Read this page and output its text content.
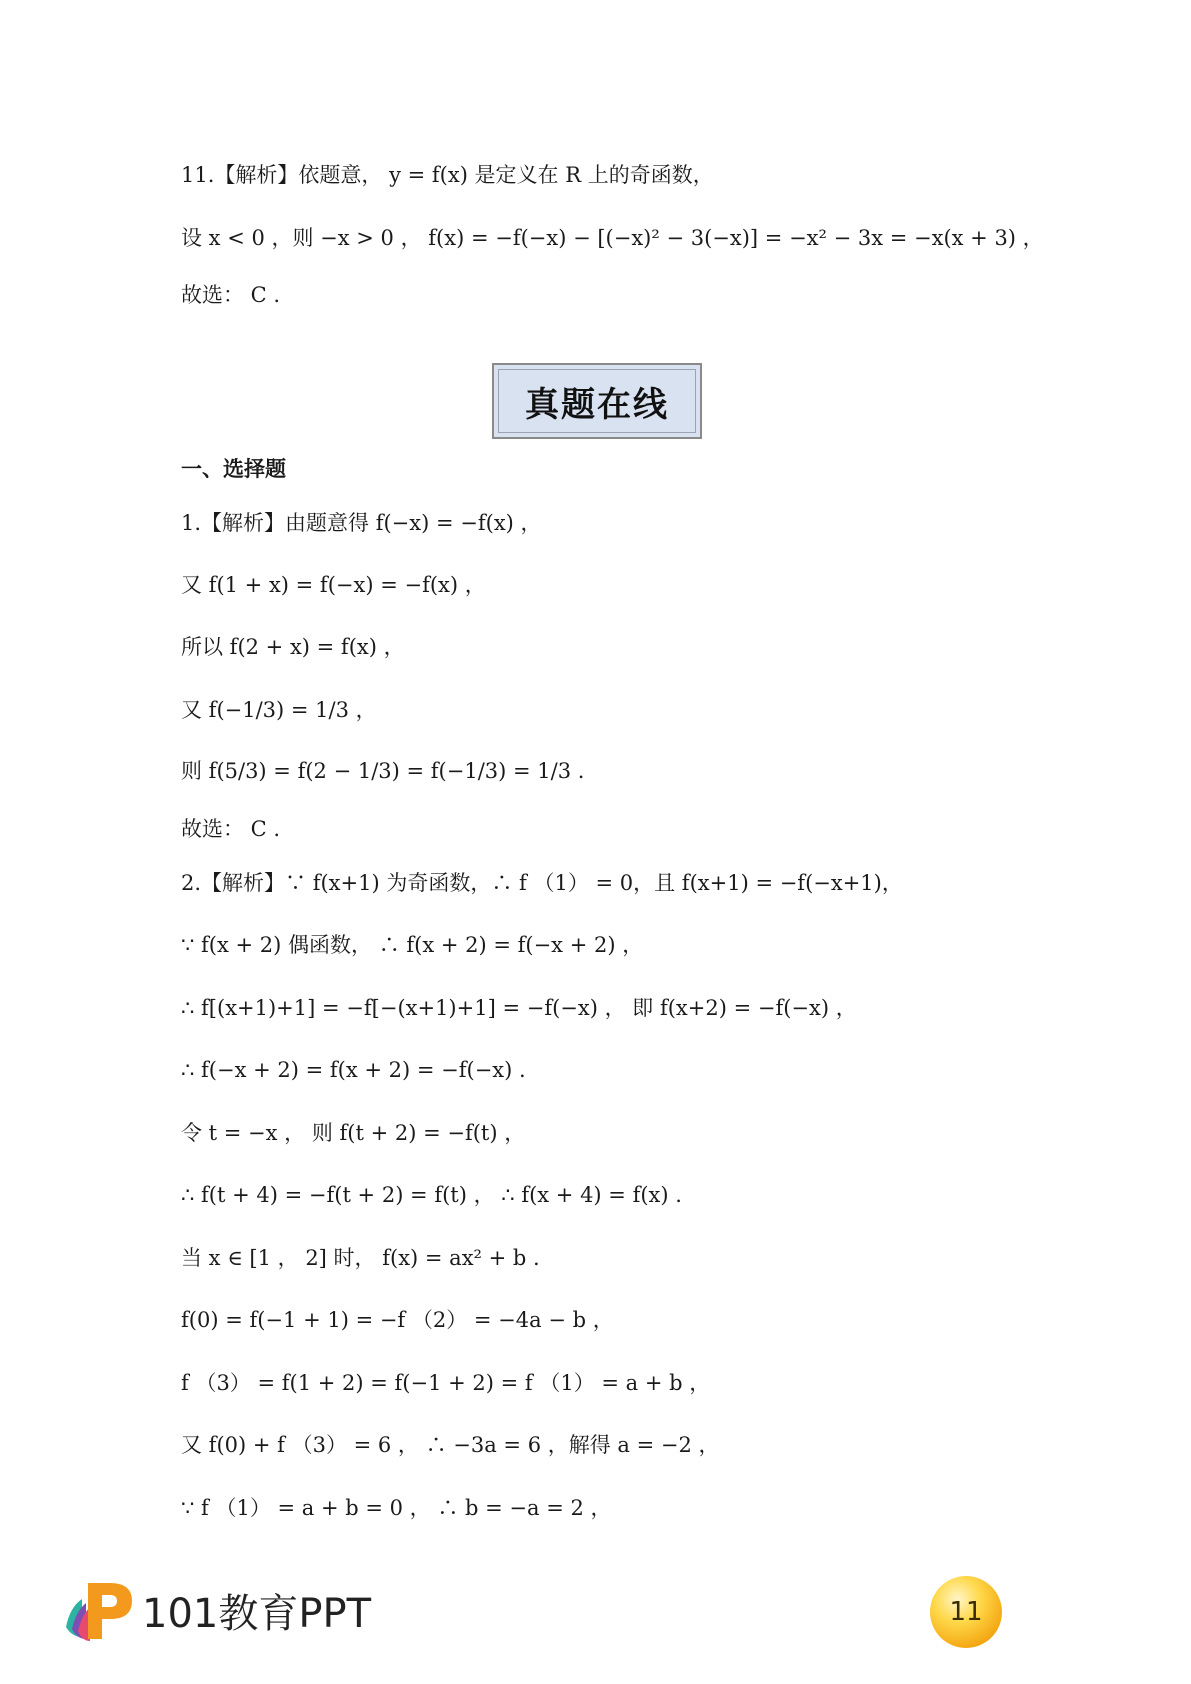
11.【解析】依题意， y = f(x) 是定义在 R 上的奇函数，
设 x < 0 ，则 −x > 0 ， f(x) = −f(−x) − [(−x)² − 3(−x)] = −x² − 3x = −x(x + 3) ，
故选： C .
真题在线
一、选择题
1.【解析】由题意得 f(−x) = −f(x) ，
又 f(1 + x) = f(−x) = −f(x) ，
所以 f(2 + x) = f(x) ，
又 f(−1/3) = 1/3 ，
则 f(5/3) = f(2 − 1/3) = f(−1/3) = 1/3 .
故选： C .
2.【解析】∵ f(x+1) 为奇函数，∴ f （1） = 0，且 f(x+1) = −f(−x+1)，
∵ f(x + 2) 偶函数， ∴ f(x + 2) = f(−x + 2) ，
∴ f[(x+1)+1] = −f[−(x+1)+1] = −f(−x) ， 即 f(x+2) = −f(−x) ，
∴ f(−x + 2) = f(x + 2) = −f(−x) .
令 t = −x ， 则 f(t + 2) = −f(t) ，
∴ f(t + 4) = −f(t + 2) = f(t) ， ∴ f(x + 4) = f(x) .
当 x ∈ [1 ， 2] 时， f(x) = ax² + b .
f(0) = f(−1 + 1) = −f （2） = −4a − b ，
f （3） = f(1 + 2) = f(−1 + 2) = f （1） = a + b ，
又 f(0) + f （3） = 6 ， ∴ −3a = 6 ，解得 a = −2 ，
∵ f （1） = a + b = 0 ， ∴ b = −a = 2 ，
101教育PPT	11
